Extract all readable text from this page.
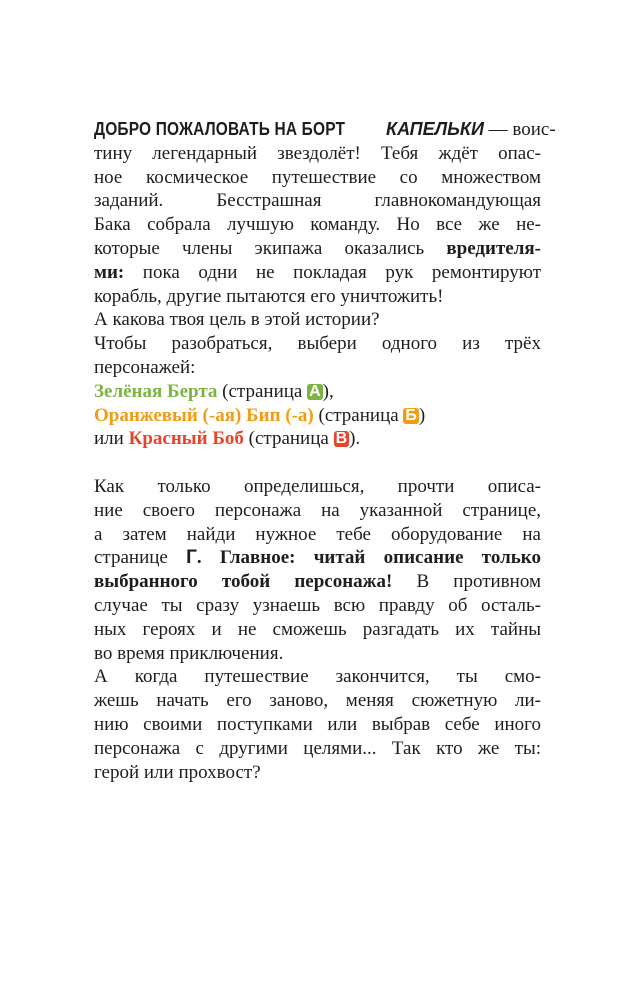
ДОБРО ПОЖАЛОВАТЬ НА БОРТ КАПЕЛЬКИ — воис-
тину легендарный звездолёт! Тебя ждёт опас-
ное космическое путешествие со множеством
заданий. Бесстрашная главнокомандующая
Бака собрала лучшую команду. Но все же не-
которые члены экипажа оказались вредителя-
ми: пока одни не покладая рук ремонтируют
корабль, другие пытаются его уничтожить!
А какова твоя цель в этой истории?
Чтобы разобраться, выбери одного из трёх
персонажей:
Зелёная Берта (страница А ),
Оранжевый (-ая) Бип (-а) (страница Б )
или Красный Боб (страница В ).
Как только определишься, прочти описа-
ние своего персонажа на указанной странице,
а затем найди нужное тебе оборудование на
странице Г. Главное: читай описание только
выбранного тобой персонажа! В противном
случае ты сразу узнаешь всю правду об осталь-
ных героях и не сможешь разгадать их тайны
во время приключения.
А когда путешествие закончится, ты смо-
жешь начать его заново, меняя сюжетную ли-
нию своими поступками или выбрав себе иного
персонажа с другими целями... Так кто же ты:
герой или прохвост?
